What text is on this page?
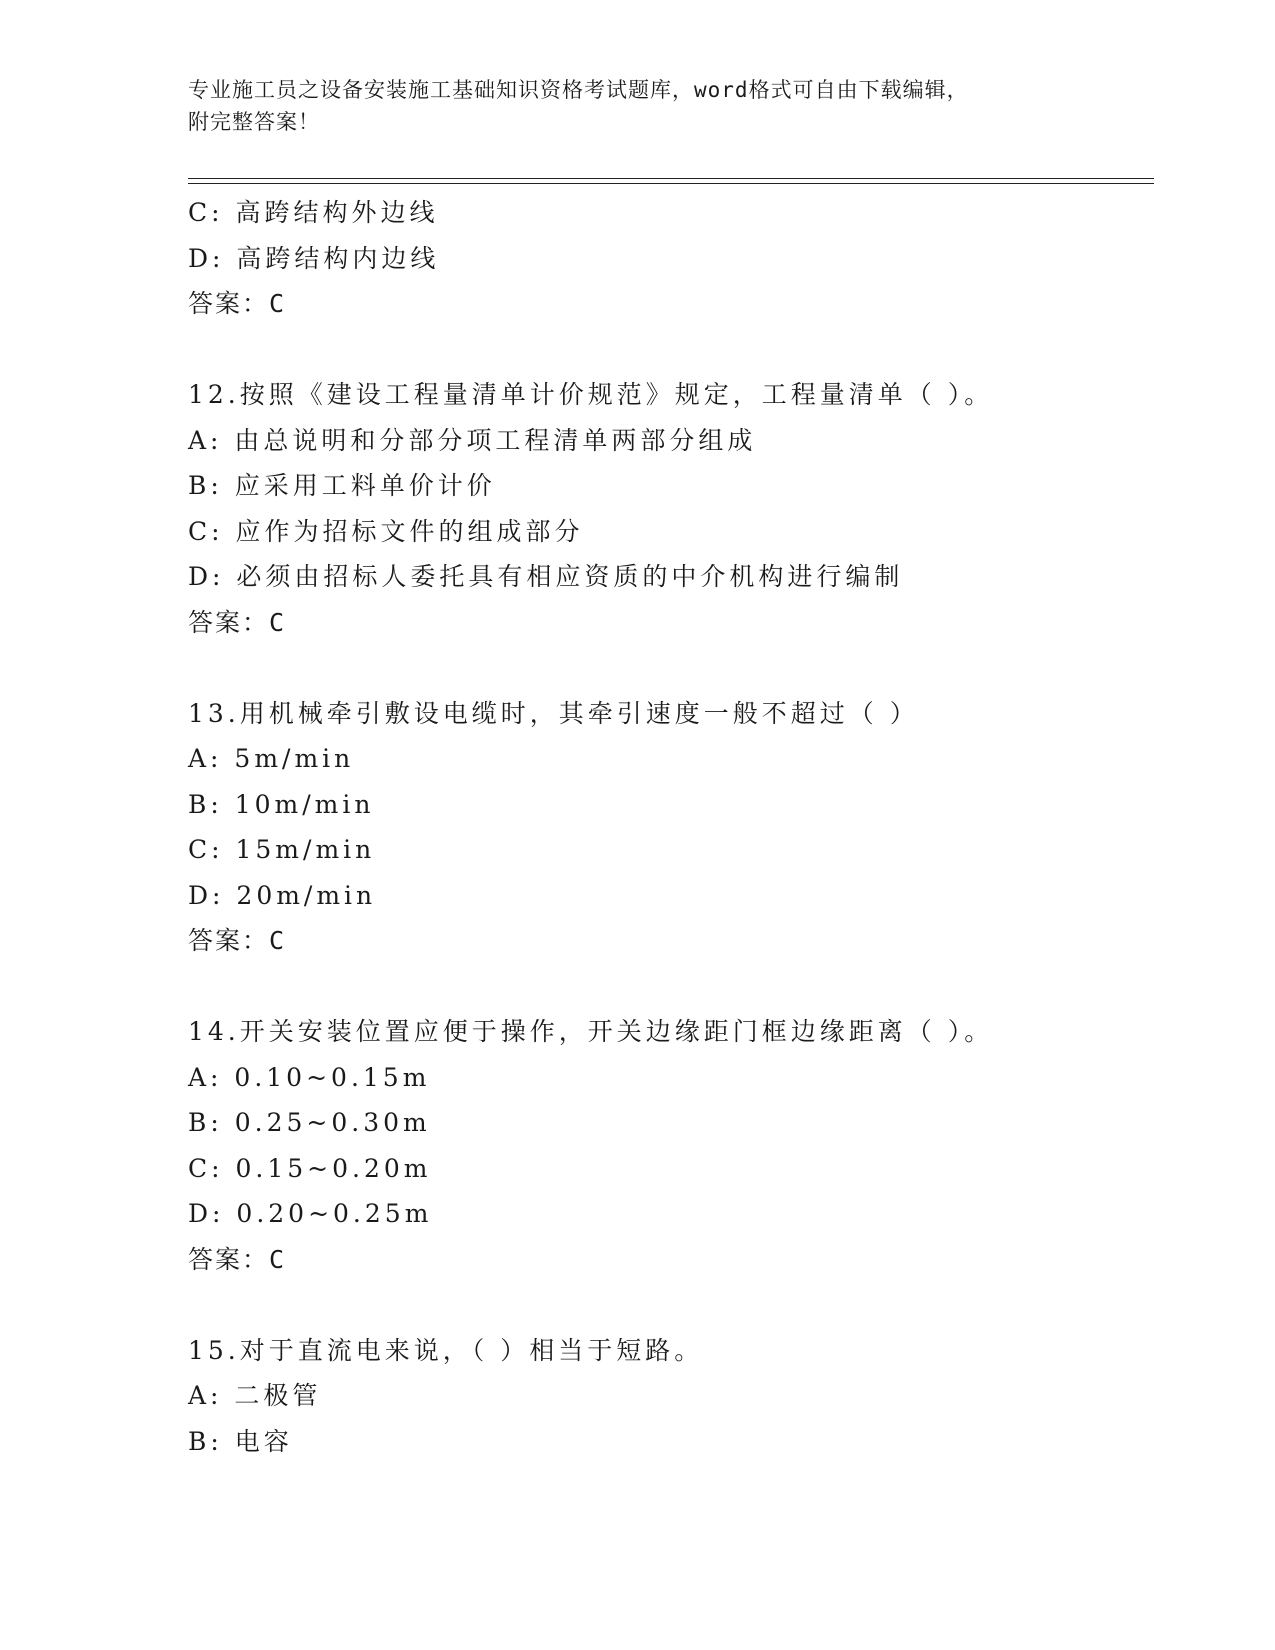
专业施工员之设备安装施工基础知识资格考试题库，word格式可自由下载编辑，
附完整答案！
C: 高跨结构外边线
D: 高跨结构内边线
答案：C
12.按照《建设工程量清单计价规范》规定，工程量清单（ ）。
A: 由总说明和分部分项工程清单两部分组成
B: 应采用工料单价计价
C: 应作为招标文件的组成部分
D: 必须由招标人委托具有相应资质的中介机构进行编制
答案：C
13.用机械牵引敷设电缆时，其牵引速度一般不超过（ ）
A: 5m/min
B: 10m/min
C: 15m/min
D: 20m/min
答案：C
14.开关安装位置应便于操作，开关边缘距门框边缘距离（ ）。
A: 0.10~0.15m
B: 0.25~0.30m
C: 0.15~0.20m
D: 0.20~0.25m
答案：C
15.对于直流电来说，（ ）相当于短路。
A: 二极管
B: 电容
